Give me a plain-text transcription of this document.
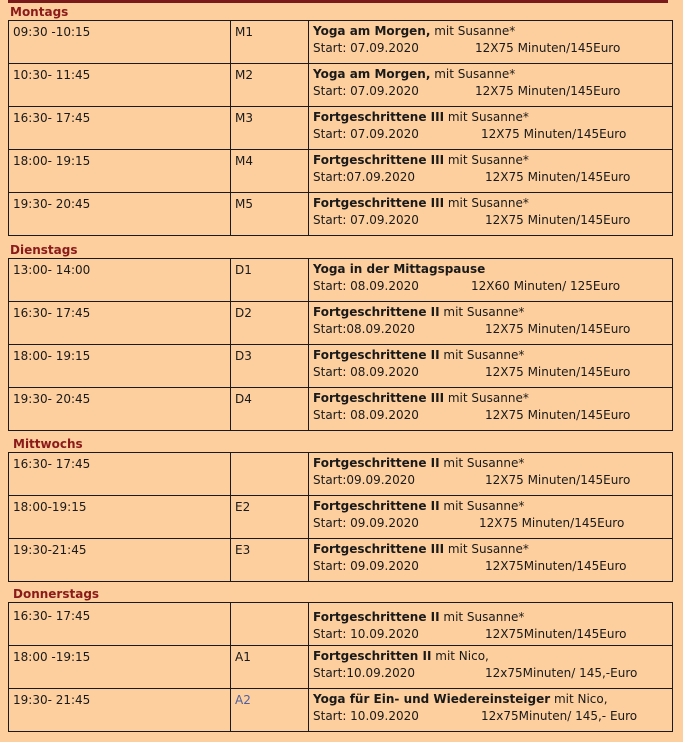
Montags
09:30 -10:15	M1	Yoga am Morgen, mit Susanne*
Start: 07.09.2020 12X75 Minuten/145Euro

10:30- 11:45	M2	Yoga am Morgen, mit Susanne*
Start: 07.09.2020 12X75 Minuten/145Euro

16:30- 17:45	M3	Fortgeschrittene III mit Susanne*
Start: 07.09.2020 12X75 Minuten/145Euro

18:00- 19:15	M4	Fortgeschrittene III mit Susanne*
Start:07.09.2020 12X75 Minuten/145Euro

19:30- 20:45	M5	Fortgeschrittene III mit Susanne*
Start: 07.09.2020 12X75 Minuten/145Euro
Dienstags
13:00- 14:00	D1	Yoga in der Mittagspause
Start: 08.09.2020 12X60 Minuten/ 125Euro

16:30- 17:45	D2	Fortgeschrittene II mit Susanne*
Start:08.09.2020 12X75 Minuten/145Euro

18:00- 19:15	D3	Fortgeschrittene II mit Susanne*
Start: 08.09.2020 12X75 Minuten/145Euro

19:30- 20:45	D4	Fortgeschrittene III mit Susanne*
Start: 08.09.2020 12X75 Minuten/145Euro
Mittwochs
16:30- 17:45		Fortgeschrittene II mit Susanne*
Start:09.09.2020 12X75 Minuten/145Euro

18:00-19:15	E2	Fortgeschrittene II mit Susanne*
Start: 09.09.2020 12X75 Minuten/145Euro

19:30-21:45	E3	Fortgeschrittene III mit Susanne*
Start: 09.09.2020 12X75Minuten/145Euro
Donnerstags
16:30- 17:45		Fortgeschrittene II mit Susanne*
Start: 10.09.2020 12X75Minuten/145Euro

18:00 -19:15	A1	Fortgeschritten II mit Nico,
Start:10.09.2020 12x75Minuten/ 145,-Euro

19:30- 21:45	A2	Yoga für Ein- und Wiedereinsteiger mit Nico,
Start: 10.09.2020 12x75Minuten/ 145,- Euro
